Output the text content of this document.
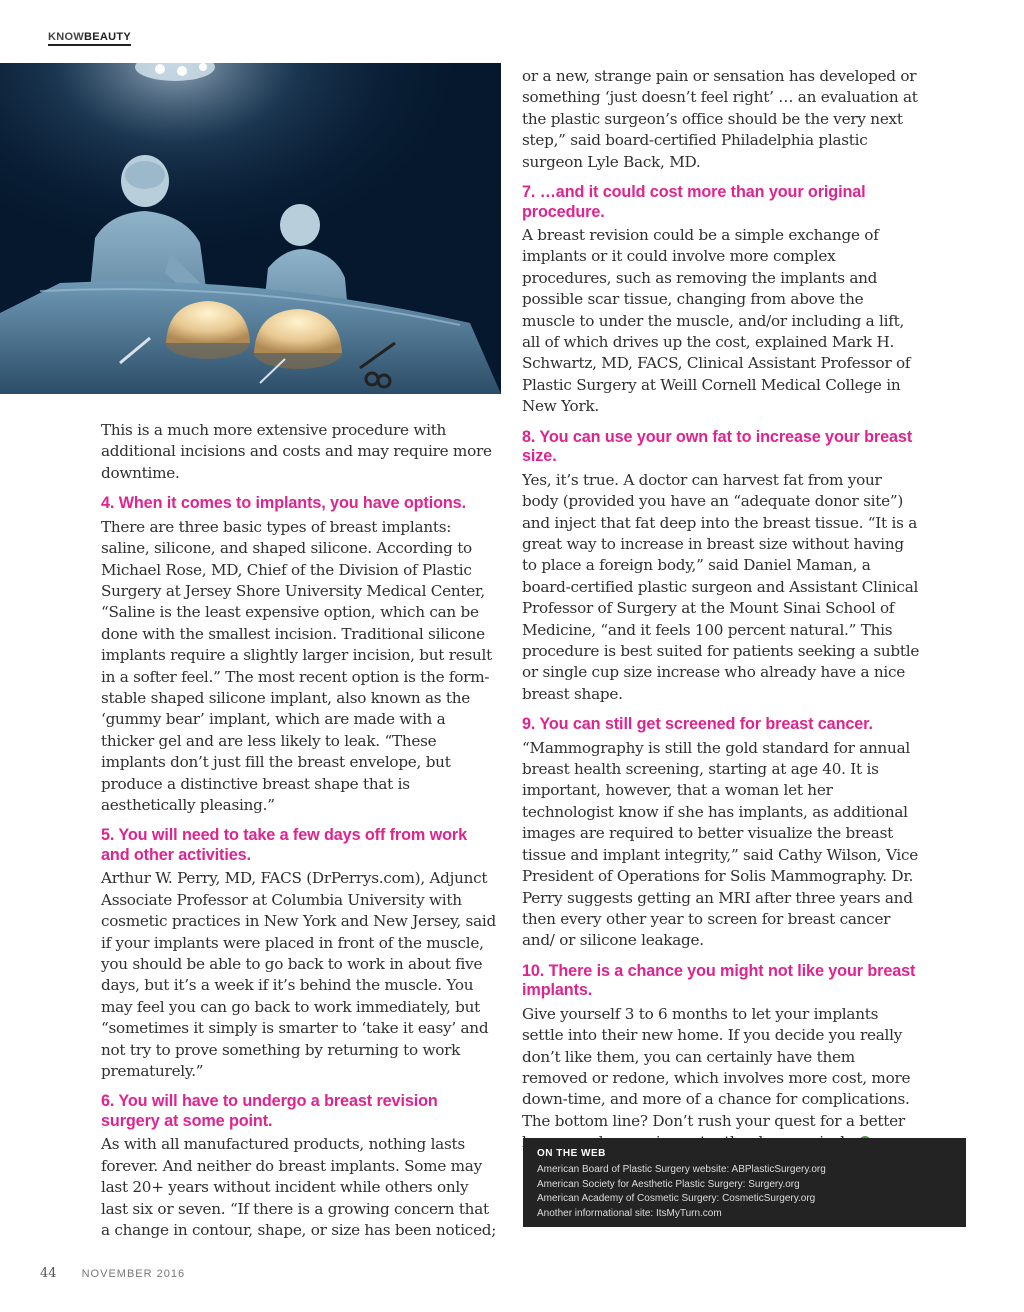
KNOWBEAUTY

This is a much more extensive procedure with additional incisions and costs and may require more downtime.

4. When it comes to implants, you have options.

There are three basic types of breast implants: saline, silicone, and shaped silicone. According to Michael Rose, MD, Chief of the Division of Plastic Surgery at Jersey Shore University Medical Center, “Saline is the least expensive option, which can be done with the smallest incision. Traditional silicone implants require a slightly larger incision, but result in a softer feel.” The most recent option is the form-stable shaped silicone implant, also known as the ‘gummy bear’ implant, which are made with a thicker gel and are less likely to leak. “These implants don’t just fill the breast envelope, but produce a distinctive breast shape that is aesthetically pleasing.”

5. You will need to take a few days off from work and other activities.

Arthur W. Perry, MD, FACS (DrPerrys.com), Adjunct Associate Professor at Columbia University with cosmetic practices in New York and New Jersey, said if your implants were placed in front of the muscle, you should be able to go back to work in about five days, but it’s a week if it’s behind the muscle. You may feel you can go back to work immediately, but “sometimes it simply is smarter to ‘take it easy’ and not try to prove something by returning to work prematurely.”

6. You will have to undergo a breast revision surgery at some point.

As with all manufactured products, nothing lasts forever. And neither do breast implants. Some may last 20+ years without incident while others only last six or seven. “If there is a growing concern that a change in contour, shape, or size has been noticed;

or a new, strange pain or sensation has developed or something ‘just doesn’t feel right’ … an evaluation at the plastic surgeon’s office should be the very next step,” said board-certified Philadelphia plastic surgeon Lyle Back, MD.

7. …and it could cost more than your original procedure.

A breast revision could be a simple exchange of implants or it could involve more complex procedures, such as removing the implants and possible scar tissue, changing from above the muscle to under the muscle, and/or including a lift, all of which drives up the cost, explained Mark H. Schwartz, MD, FACS, Clinical Assistant Professor of Plastic Surgery at Weill Cornell Medical College in New York.

8. You can use your own fat to increase your breast size.

Yes, it’s true. A doctor can harvest fat from your body (provided you have an “adequate donor site”) and inject that fat deep into the breast tissue. “It is a great way to increase in breast size without having to place a foreign body,” said Daniel Maman, a board-certified plastic surgeon and Assistant Clinical Professor of Surgery at the Mount Sinai School of Medicine, “and it feels 100 percent natural.” This procedure is best suited for patients seeking a subtle or single cup size increase who already have a nice breast shape.

9. You can still get screened for breast cancer.

“Mammography is still the gold standard for annual breast health screening, starting at age 40. It is important, however, that a woman let her technologist know if she has implants, as additional images are required to better visualize the breast tissue and implant integrity,” said Cathy Wilson, Vice President of Operations for Solis Mammography. Dr. Perry suggests getting an MRI after three years and then every other year to screen for breast cancer and/ or silicone leakage.

10. There is a chance you might not like your breast implants.

Give yourself 3 to 6 months to let your implants settle into their new home. If you decide you really don’t like them, you can certainly have them removed or redone, which involves more cost, more down-time, and more of a chance for complications. The bottom line? Don’t rush your quest for a better

ON THE WEB
American Board of Plastic Surgery website: ABPlasticSurgery.org
American Society for Aesthetic Plastic Surgery: Surgery.org
American Academy of Cosmetic Surgery: CosmeticSurgery.org
Another informational site: ItsMyTurn.com
44 NOVEMBER 2016
